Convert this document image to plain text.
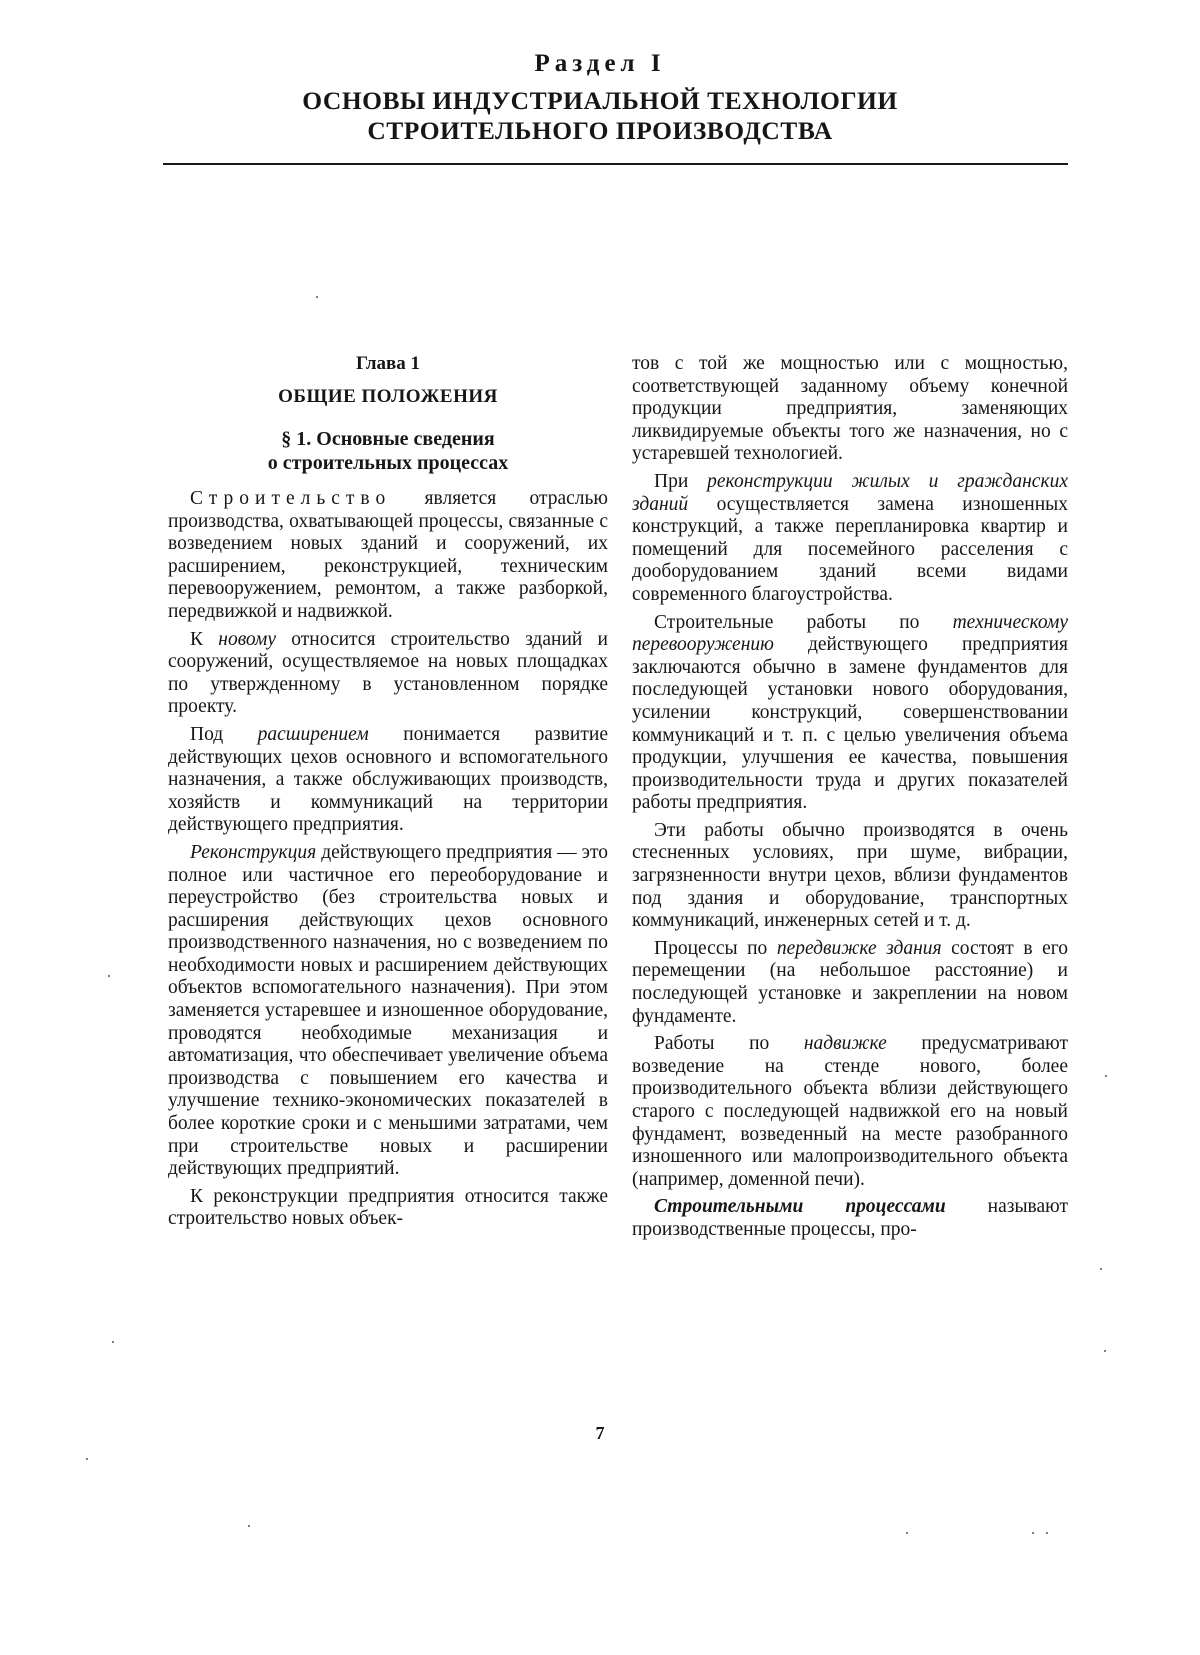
Раздел I
ОСНОВЫ ИНДУСТРИАЛЬНОЙ ТЕХНОЛОГИИ
СТРОИТЕЛЬНОГО ПРОИЗВОДСТВА
Глава 1
ОБЩИЕ ПОЛОЖЕНИЯ
§ 1. Основные сведения
о строительных процессах

Строительство является отраслью производства, охватывающей процессы, связанные с возведением новых зданий и сооружений, их расширением, реконструкцией, техническим перевооружением, ремонтом, а также разборкой, передвижкой и надвижкой.

К новому относится строительство зданий и сооружений, осуществляемое на новых площадках по утвержденному в установленном порядке проекту.

Под расширением понимается развитие действующих цехов основного и вспомогательного назначения, а также обслуживающих производств, хозяйств и коммуникаций на территории действующего предприятия.

Реконструкция действующего предприятия — это полное или частичное его переоборудование и переустройство (без строительства новых и расширения действующих цехов основного производственного назначения, но с возведением по необходимости новых и расширением действующих объектов вспомогательного назначения). При этом заменяется устаревшее и изношенное оборудование, проводятся необходимые механизация и автоматизация, что обеспечивает увеличение объема производства с повышением его качества и улучшение технико-экономических показателей в более короткие сроки и с меньшими затратами, чем при строительстве новых и расширении действующих предприятий.

К реконструкции предприятия относится также строительство новых объек-

тов с той же мощностью или с мощностью, соответствующей заданному объему конечной продукции предприятия, заменяющих ликвидируемые объекты того же назначения, но с устаревшей технологией.

При реконструкции жилых и гражданских зданий осуществляется замена изношенных конструкций, а также перепланировка квартир и помещений для посемейного расселения с дооборудованием зданий всеми видами современного благоустройства.

Строительные работы по техническому перевооружению действующего предприятия заключаются обычно в замене фундаментов для последующей установки нового оборудования, усилении конструкций, совершенствовании коммуникаций и т. п. с целью увеличения объема продукции, улучшения ее качества, повышения производительности труда и других показателей работы предприятия.

Эти работы обычно производятся в очень стесненных условиях, при шуме, вибрации, загрязненности внутри цехов, вблизи фундаментов под здания и оборудование, транспортных коммуникаций, инженерных сетей и т. д.

Процессы по передвижке здания состоят в его перемещении (на небольшое расстояние) и последующей установке и закреплении на новом фундаменте.

Работы по надвижке предусматривают возведение на стенде нового, более производительного объекта вблизи действующего старого с последующей надвижкой его на новый фундамент, возведенный на месте разобранного изношенного или малопроизводительного объекта (например, доменной печи).

Строительными процессами называют производственные процессы, про-

7
